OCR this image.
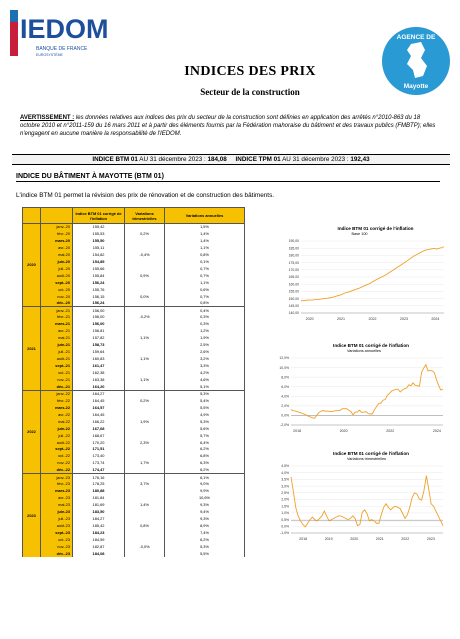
IEDOM
BANQUE DE FRANCE
EUROSYSTÈME
AGENCE DE
Mayotte
INDICES DES PRIX
Secteur de la construction
AVERTISSEMENT : les données relatives aux indices des prix du secteur de la construction sont définies en application des arrêtés n°2010-863 du 18 octobre 2010 et n°2011-159 du 16 mars 2011 et à partir des éléments fournis par la Fédération mahoraise du bâtiment et des travaux publics (FMBTP); elles n'engagent en aucune manière la responsabilité de l'IEDOM.
INDICE BTM 01 AU 31 décembre 2023 : 184,08 INDICE TPM 01 AU 31 décembre 2023 : 192,43
INDICE DU BÂTIMENT À MAYOTTE (BTM 01)
L'indice BTM 01 permet la révision des prix de rénovation et de construction des bâtiments.
		Indice BTM 01 corrigé de l'inflation	Variations trimestrielles	Variations annuelles
2020	janv.-20	155,42		1,5%
	févr.-20	155,53	0,2%	1,4%
	mars-20	155,50		1,4%
	avr.-20	155,11		1,1%
	mai-20	154,82	-0,4%	0,8%
	juin-20	154,85		0,1%
	juil.-20	155,66		0,7%
	août-20	155,84	0,9%	0,7%
	sept.-20	156,24		1,1%
	oct.-20	155,76		0,6%
	nov.-20	156,15	0,0%	0,7%
	déc.-20	156,24		0,8%
2021	janv.-21	156,00		0,4%
	févr.-21	156,00	-0,2%	0,3%
	mars-21	156,00		0,3%
	avr.-21	156,81		1,2%
	mai-21	157,82	1,1%	1,9%
	juin-21	158,73		2,5%
	juil.-21	159,64		2,6%
	août-21	160,83	1,1%	3,2%
	sept.-21	161,47		3,3%
	oct.-21	162,38		4,2%
	nov.-21	163,38	1,1%	4,6%
	déc.-21	164,20		5,1%
2022	janv.-22	164,27		5,3%
	févr.-22	164,45	0,2%	5,4%
	mars-22	164,57		5,5%
	avr.-22	164,45		4,9%
	mai-22	166,22	1,9%	5,3%
	juin-22	167,68		5,6%
	juil.-22	168,67		5,7%
	août-22	170,20	2,3%	6,4%
	sept.-22	171,51		6,2%
	oct.-22	173,40		6,8%
	nov.-22	173,74	1,7%	6,3%
	déc.-22	174,47		6,2%
2023	janv.-23	176,16		6,1%
	févr.-23	178,25	3,7%	9,0%
	mars-23	180,88		9,9%
	avr.-23	181,84		10,6%
	mai-23	181,69	1,4%	9,3%
	juin-23	183,50		9,4%
	juil.-23	184,27		9,3%
	août-23	185,42	0,8%	8,9%
	sept.-23	184,23		7,4%
	oct.-23	184,59		6,2%
	nov.-23	182,87	-0,0%	5,3%
	déc.-23	184,08		5,5%
Indice BTM 01 corrigé de l'inflation
Base 100
140,00
145,00
150,00
155,00
160,00
165,00
170,00
175,00
180,00
185,00
190,00
2020	2021	2022	2023	2024
Indice BTM 01 corrigé de l'inflation
Variations annuelles
-2,0%
0,0%
2,0%
4,0%
6,0%
8,0%
10,0%
12,0%
2018	2020	2022	2024
Indice BTM 01 corrigé de l'inflation
Variations trimestrielles
-1,0%
0,0%
0,5%
1,0%
1,5%
2,0%
2,5%
3,0%
3,5%
4,0%
4,5%
2018	2019	2020	2021	2022	2023
